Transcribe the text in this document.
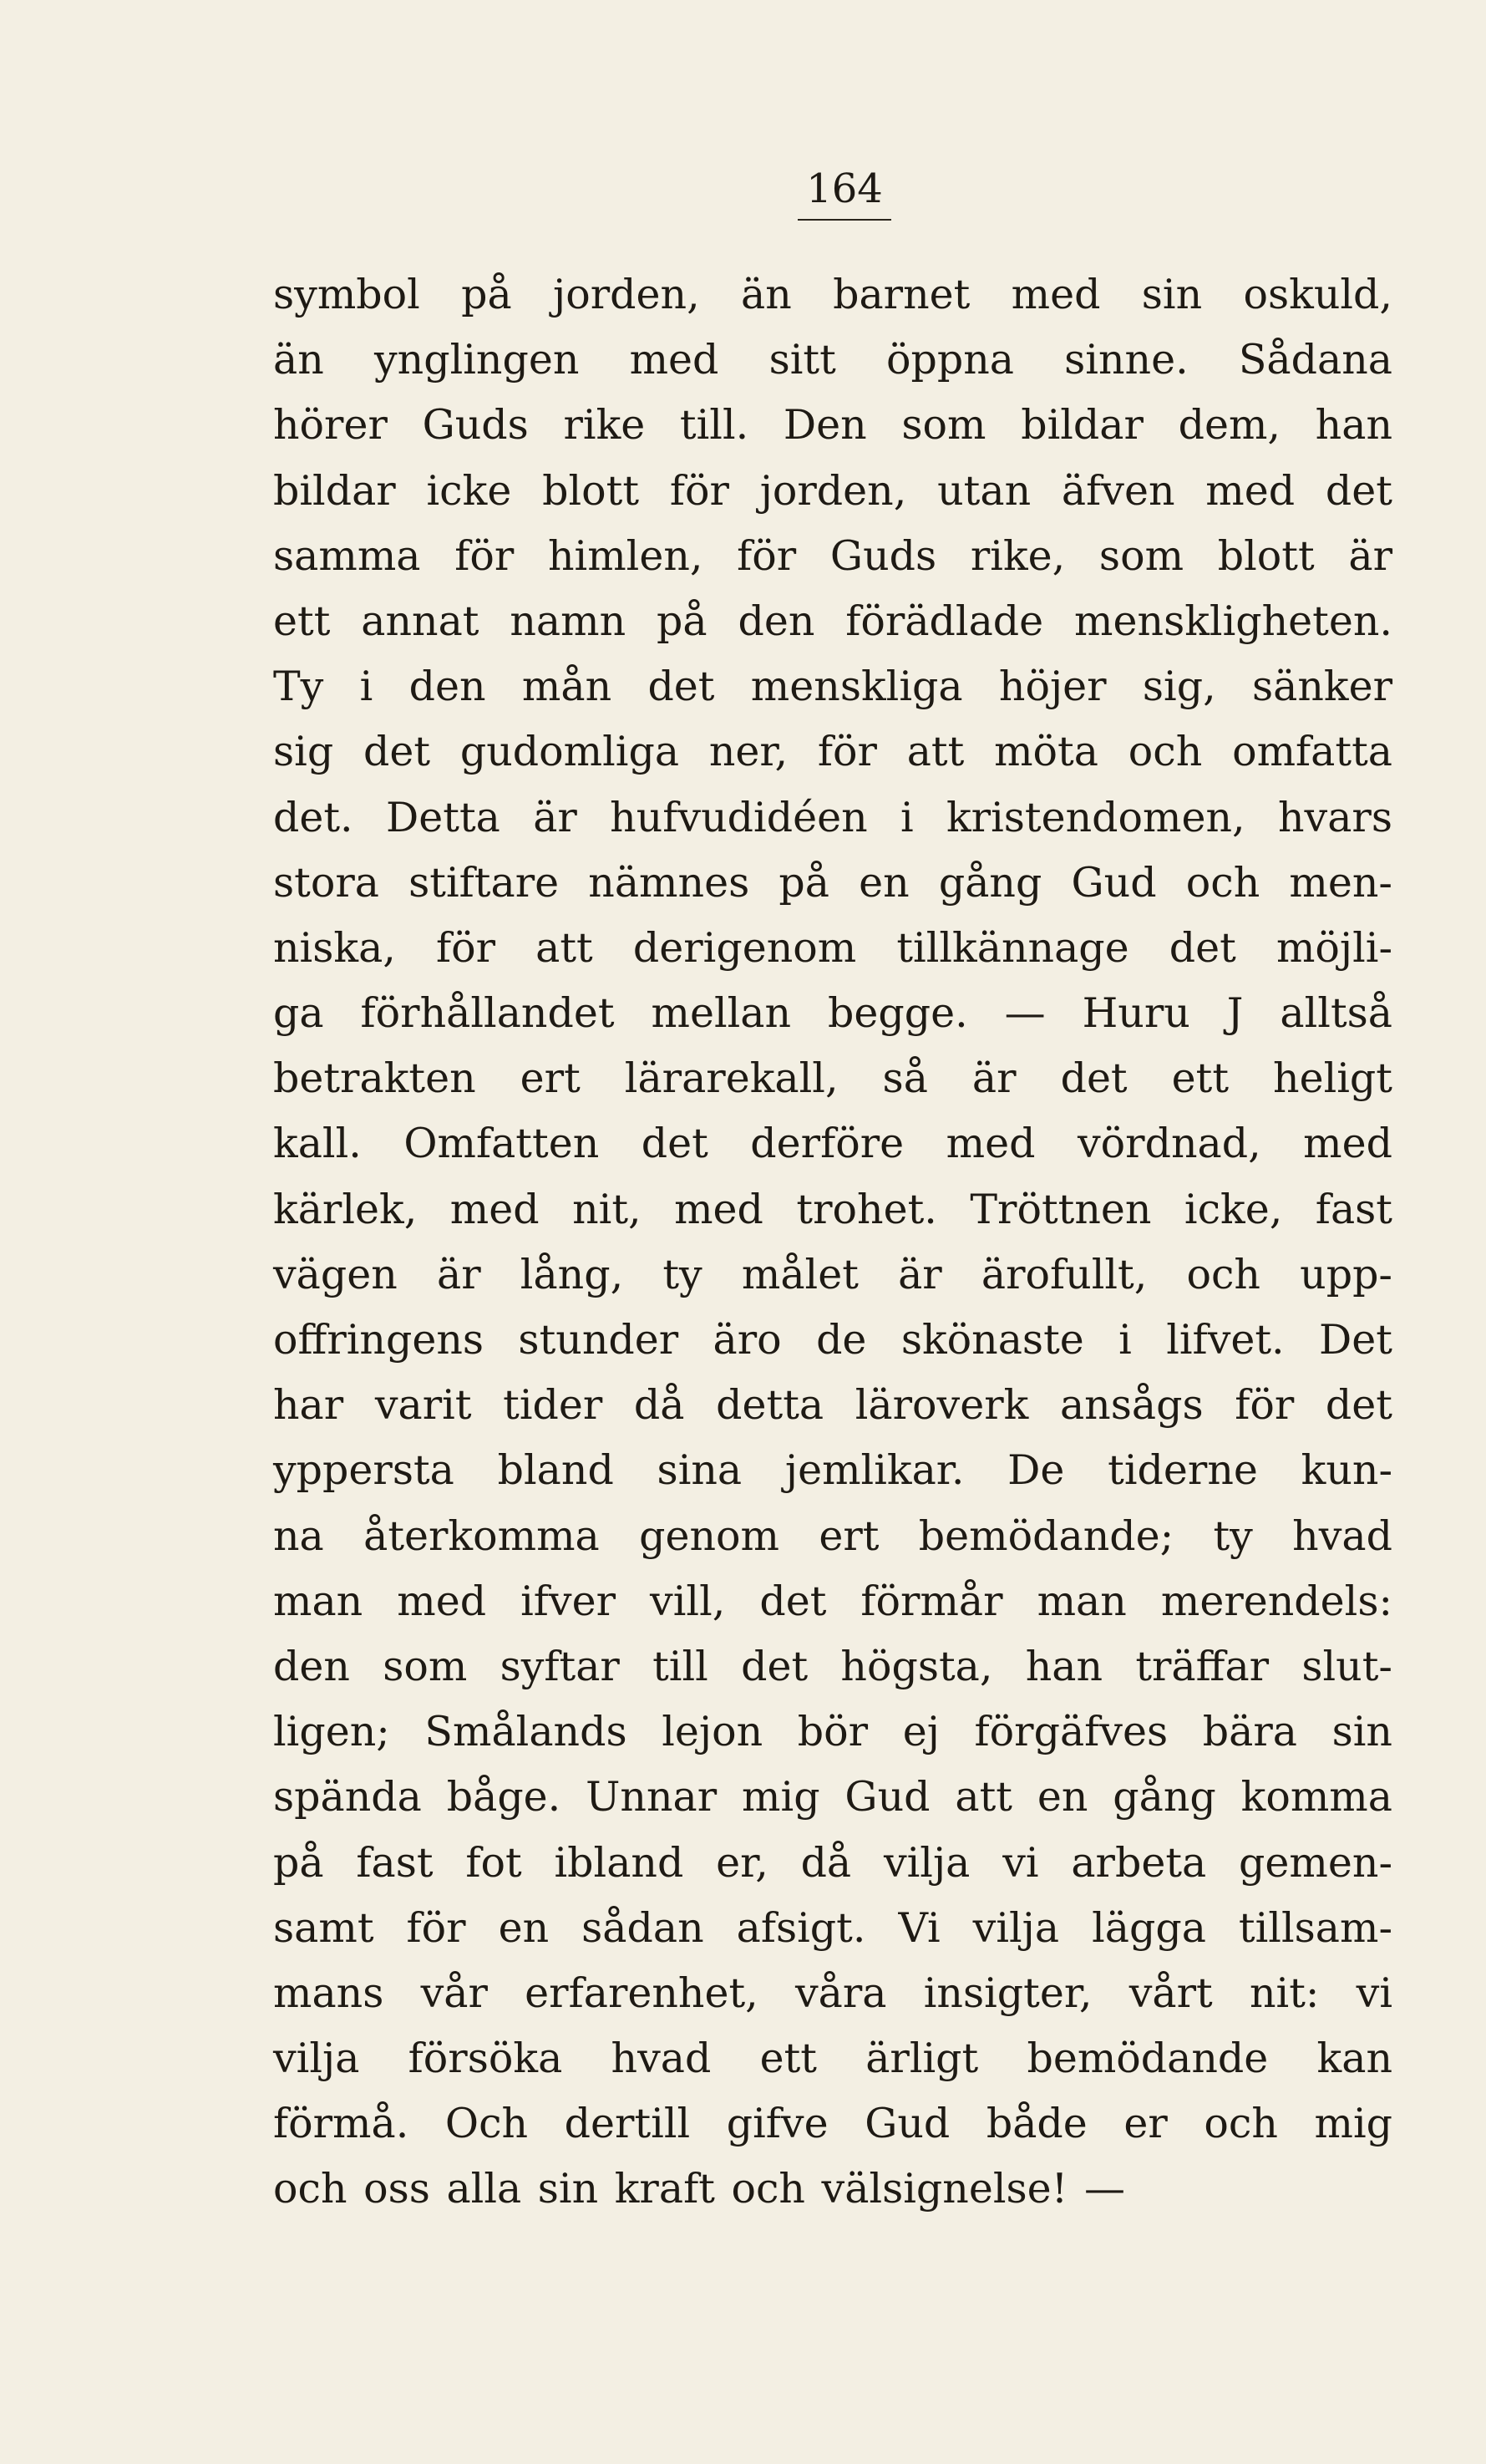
164
symbol på jorden, än barnet med sin oskuld,
än ynglingen med sitt öppna sinne. Sådana
hörer Guds rike till. Den som bildar dem, han
bildar icke blott för jorden, utan äfven med det
samma för himlen, för Guds rike, som blott är
ett annat namn på den förädlade menskligheten.
Ty i den mån det menskliga höjer sig, sänker
sig det gudomliga ner, för att möta och omfatta
det. Detta är hufvudidéen i kristendomen, hvars
stora stiftare nämnes på en gång Gud och men-
niska, för att derigenom tillkännage det möjli-
ga förhållandet mellan begge. — Huru J alltså
betrakten ert lärarekall, så är det ett heligt
kall. Omfatten det derföre med vördnad, med
kärlek, med nit, med trohet. Tröttnen icke, fast
vägen är lång, ty målet är ärofullt, och upp-
offringens stunder äro de skönaste i lifvet. Det
har varit tider då detta läroverk ansågs för det
yppersta bland sina jemlikar. De tiderne kun-
na återkomma genom ert bemödande; ty hvad
man med ifver vill, det förmår man merendels:
den som syftar till det högsta, han träffar slut-
ligen; Smålands lejon bör ej förgäfves bära sin
spända båge. Unnar mig Gud att en gång komma
på fast fot ibland er, då vilja vi arbeta gemen-
samt för en sådan afsigt. Vi vilja lägga tillsam-
mans vår erfarenhet, våra insigter, vårt nit: vi
vilja försöka hvad ett ärligt bemödande kan
förmå. Och dertill gifve Gud både er och mig
och oss alla sin kraft och välsignelse! —
